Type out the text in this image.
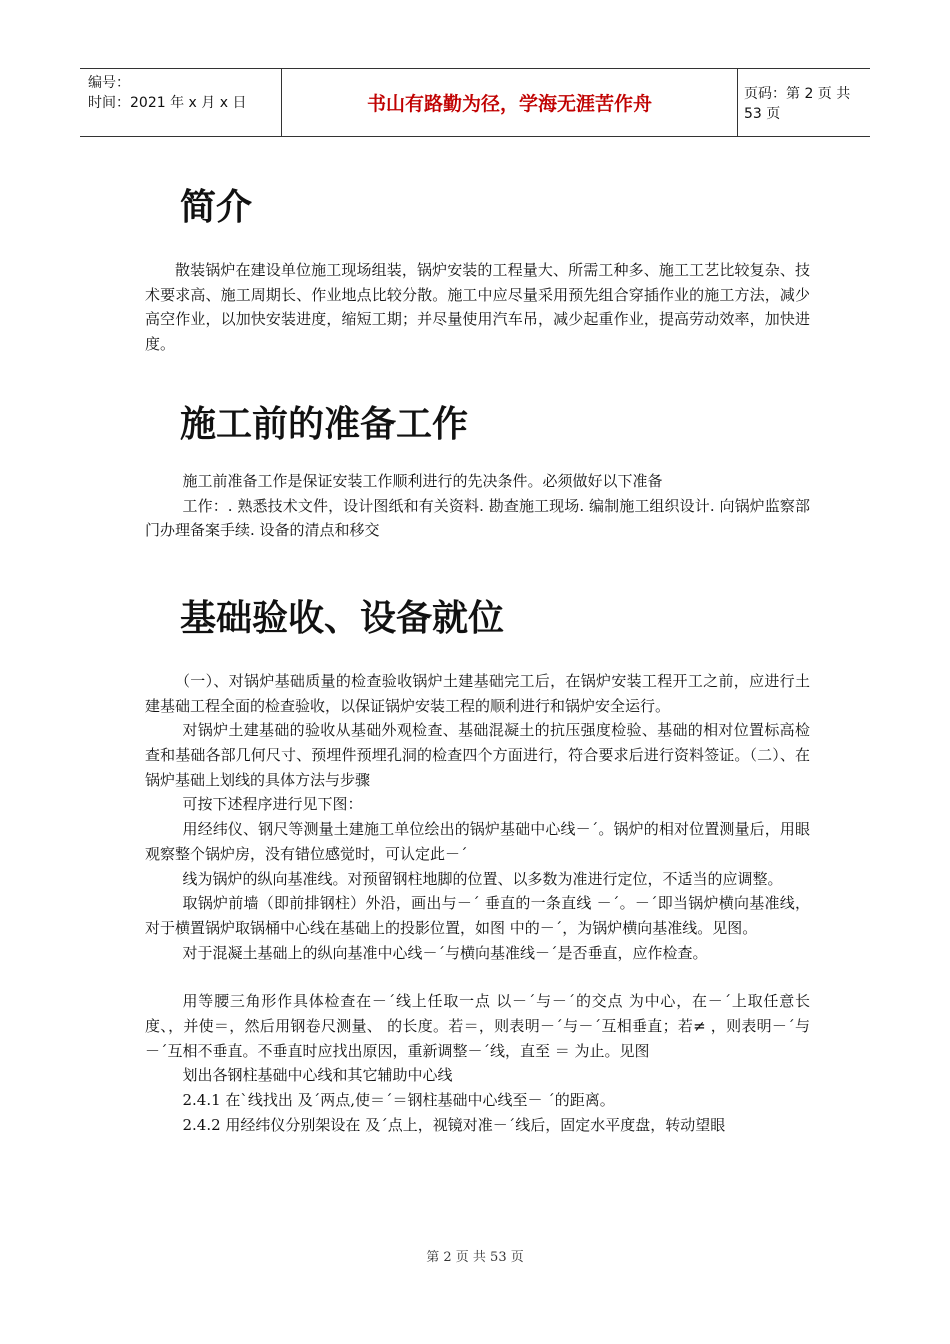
编号：
时间：2021 年 x 月 x 日	书山有路勤为径，学海无涯苦作舟	页码：第 2 页 共 53 页
简介

散装锅炉在建设单位施工现场组装，锅炉安装的工程量大、所需工种多、施工工艺比较复杂、技术要求高、施工周期长、作业地点比较分散。施工中应尽量采用预先组合穿插作业的施工方法，减少高空作业，以加快安装进度，缩短工期；并尽量使用汽车吊，减少起重作业，提高劳动效率，加快进度。

施工前的准备工作

施工前准备工作是保证安装工作顺利进行的先决条件。必须做好以下准备

工作：. 熟悉技术文件，设计图纸和有关资料. 勘查施工现场. 编制施工组织设计. 向锅炉监察部门办理备案手续. 设备的清点和移交

基础验收、设备就位

（一）、对锅炉基础质量的检查验收锅炉土建基础完工后，在锅炉安装工程开工之前，应进行土建基础工程全面的检查验收，以保证锅炉安装工程的顺利进行和锅炉安全运行。

对锅炉土建基础的验收从基础外观检查、基础混凝土的抗压强度检验、基础的相对位置标高检查和基础各部几何尺寸、预埋件预埋孔洞的检查四个方面进行，符合要求后进行资料签证。（二）、在锅炉基础上划线的具体方法与步骤

可按下述程序进行见下图：

用经纬仪、钢尺等测量土建施工单位绘出的锅炉基础中心线－ˊ。锅炉的相对位置测量后，用眼观察整个锅炉房，没有错位感觉时，可认定此－ˊ

线为锅炉的纵向基准线。对预留钢柱地脚的位置、以多数为准进行定位，不适当的应调整。

取锅炉前墙（即前排钢柱）外沿，画出与－ˊ 垂直的一条直线 －ˊ。－ˊ即当锅炉横向基准线，对于横置锅炉取锅桶中心线在基础上的投影位置，如图 中的－ˊ，为锅炉横向基准线。见图。

对于混凝土基础上的纵向基准中心线－ˊ与横向基准线－ˊ是否垂直，应作检查。

用等腰三角形作具体检查在－ˊ线上任取一点 以－ˊ与－ˊ的交点 为中心，在－ˊ上取任意长度、，并使＝，然后用钢卷尺测量、 的长度。若＝，则表明－ˊ与－ˊ互相垂直；若≠ ，则表明－ˊ与－ˊ互相不垂直。不垂直时应找出原因，重新调整－ˊ线，直至 ＝ 为止。见图

划出各钢柱基础中心线和其它辅助中心线

2.4.1 在`线找出 及ˊ两点,使＝ˊ＝钢柱基础中心线至－ ˊ的距离。

2.4.2 用经纬仪分别架设在 及ˊ点上，视镜对准－ˊ线后，固定水平度盘，转动望眼

第 2 页 共 53 页
